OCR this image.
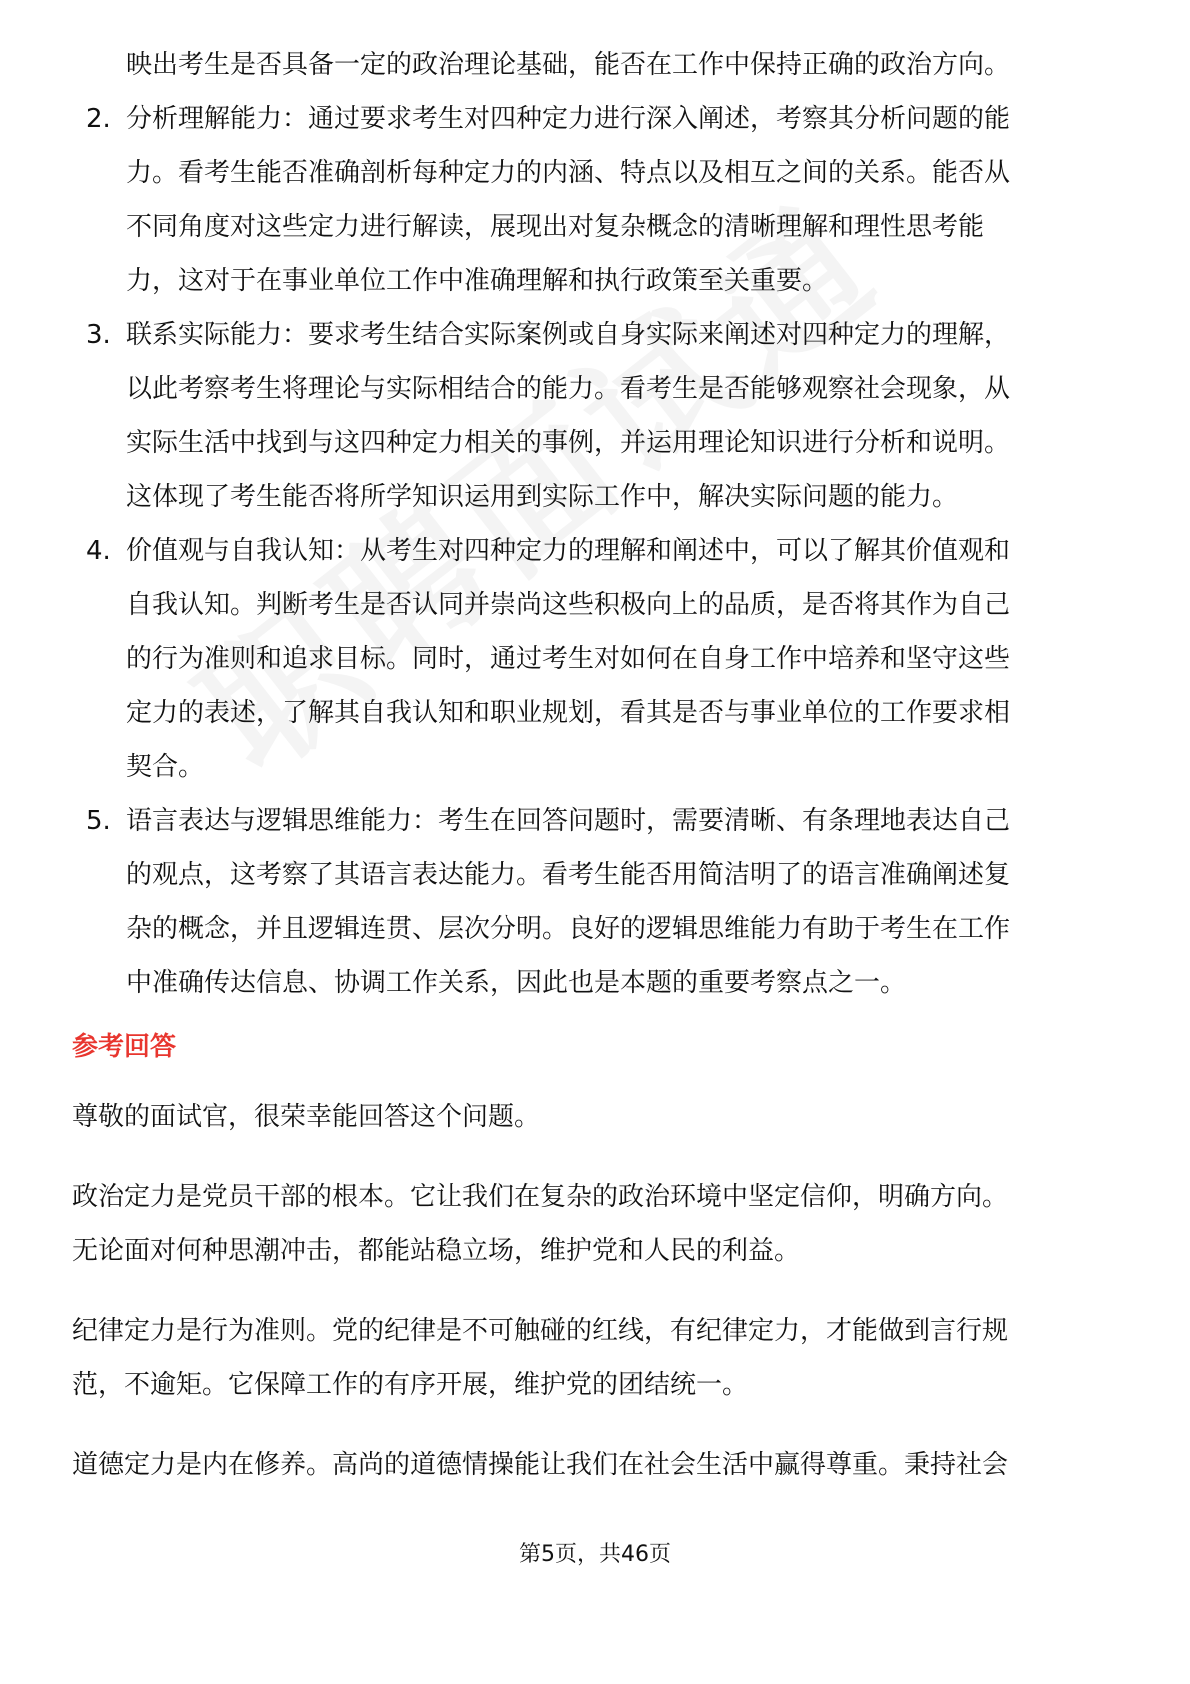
映出考生是否具备一定的政治理论基础，能否在工作中保持正确的政治方向。
2. 分析理解能力：通过要求考生对四种定力进行深入阐述，考察其分析问题的能
力。看考生能否准确剖析每种定力的内涵、特点以及相互之间的关系。能否从
不同角度对这些定力进行解读，展现出对复杂概念的清晰理解和理性思考能
力，这对于在事业单位工作中准确理解和执行政策至关重要。
3. 联系实际能力：要求考生结合实际案例或自身实际来阐述对四种定力的理解，
以此考察考生将理论与实际相结合的能力。看考生是否能够观察社会现象，从
实际生活中找到与这四种定力相关的事例，并运用理论知识进行分析和说明。
这体现了考生能否将所学知识运用到实际工作中，解决实际问题的能力。
4. 价值观与自我认知：从考生对四种定力的理解和阐述中，可以了解其价值观和
自我认知。判断考生是否认同并崇尚这些积极向上的品质，是否将其作为自己
的行为准则和追求目标。同时，通过考生对如何在自身工作中培养和坚守这些
定力的表述，了解其自我认知和职业规划，看其是否与事业单位的工作要求相
契合。
5. 语言表达与逻辑思维能力：考生在回答问题时，需要清晰、有条理地表达自己
的观点，这考察了其语言表达能力。看考生能否用简洁明了的语言准确阐述复
杂的概念，并且逻辑连贯、层次分明。良好的逻辑思维能力有助于考生在工作
中准确传达信息、协调工作关系，因此也是本题的重要考察点之一。
参考回答
尊敬的面试官，很荣幸能回答这个问题。
政治定力是党员干部的根本。它让我们在复杂的政治环境中坚定信仰，明确方向。
无论面对何种思潮冲击，都能站稳立场，维护党和人民的利益。
纪律定力是行为准则。党的纪律是不可触碰的红线，有纪律定力，才能做到言行规
范，不逾矩。它保障工作的有序开展，维护党的团结统一。
道德定力是内在修养。高尚的道德情操能让我们在社会生活中赢得尊重。秉持社会
第5页，共46页
